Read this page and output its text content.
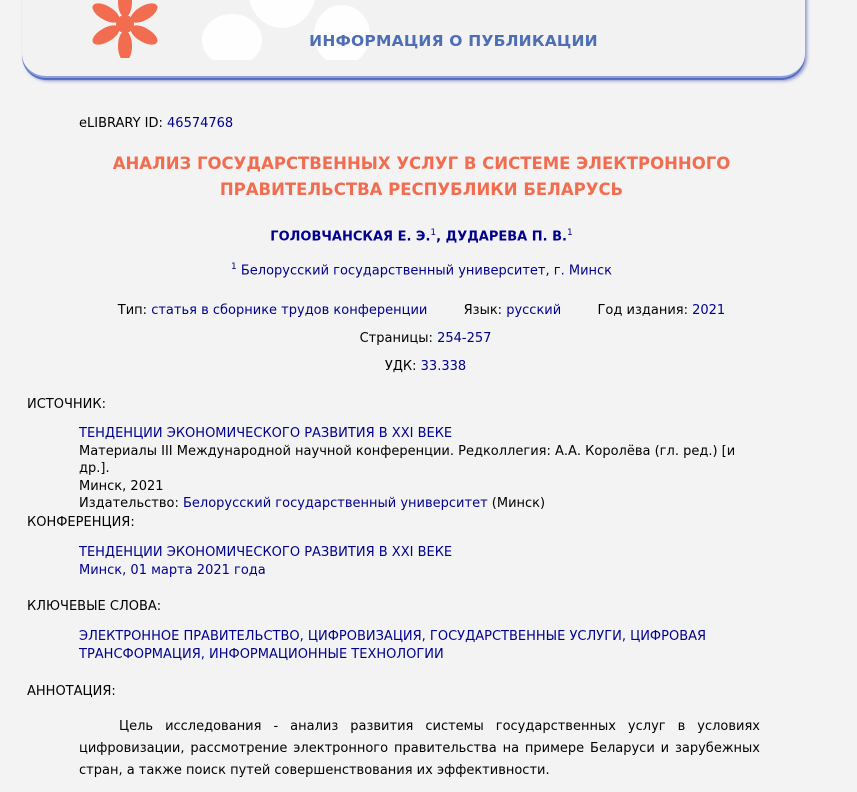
ИНФОРМАЦИЯ О ПУБЛИКАЦИИ
eLIBRARY ID: 46574768
АНАЛИЗ ГОСУДАРСТВЕННЫХ УСЛУГ В СИСТЕМЕ ЭЛЕКТРОННОГО
ПРАВИТЕЛЬСТВА РЕСПУБЛИКИ БЕЛАРУСЬ
ГОЛОВЧАНСКАЯ Е. Э.$^1$, ДУДАРЕВА П. В.$^1$
$^1$ Белорусский государственный университет, г. Минск
Тип: статья в сборнике трудов конференции	Язык: русский	Год издания: 2021
Страницы: 254-257
УДК: 33.338
ИСТОЧНИК:
ТЕНДЕНЦИИ ЭКОНОМИЧЕСКОГО РАЗВИТИЯ В XXI ВЕКЕ
Материалы III Международной научной конференции. Редколлегия: А.А. Королёва (гл. ред.) [и др.].
Минск, 2021
Издательство: Белорусский государственный университет (Минск)
КОНФЕРЕНЦИЯ:
ТЕНДЕНЦИИ ЭКОНОМИЧЕСКОГО РАЗВИТИЯ В XXI ВЕКЕ
Минск, 01 марта 2021 года
КЛЮЧЕВЫЕ СЛОВА:
ЭЛЕКТРОННОЕ ПРАВИТЕЛЬСТВО, ЦИФРОВИЗАЦИЯ, ГОСУДАРСТВЕННЫЕ УСЛУГИ, ЦИФРОВАЯ
ТРАНСФОРМАЦИЯ, ИНФОРМАЦИОННЫЕ ТЕХНОЛОГИИ
АННОТАЦИЯ:
Цель исследования - анализ развития системы государственных услуг в условиях цифровизации, рассмотрение электронного правительства на примере Беларуси и зарубежных стран, а также поиск путей совершенствования их эффективности.
